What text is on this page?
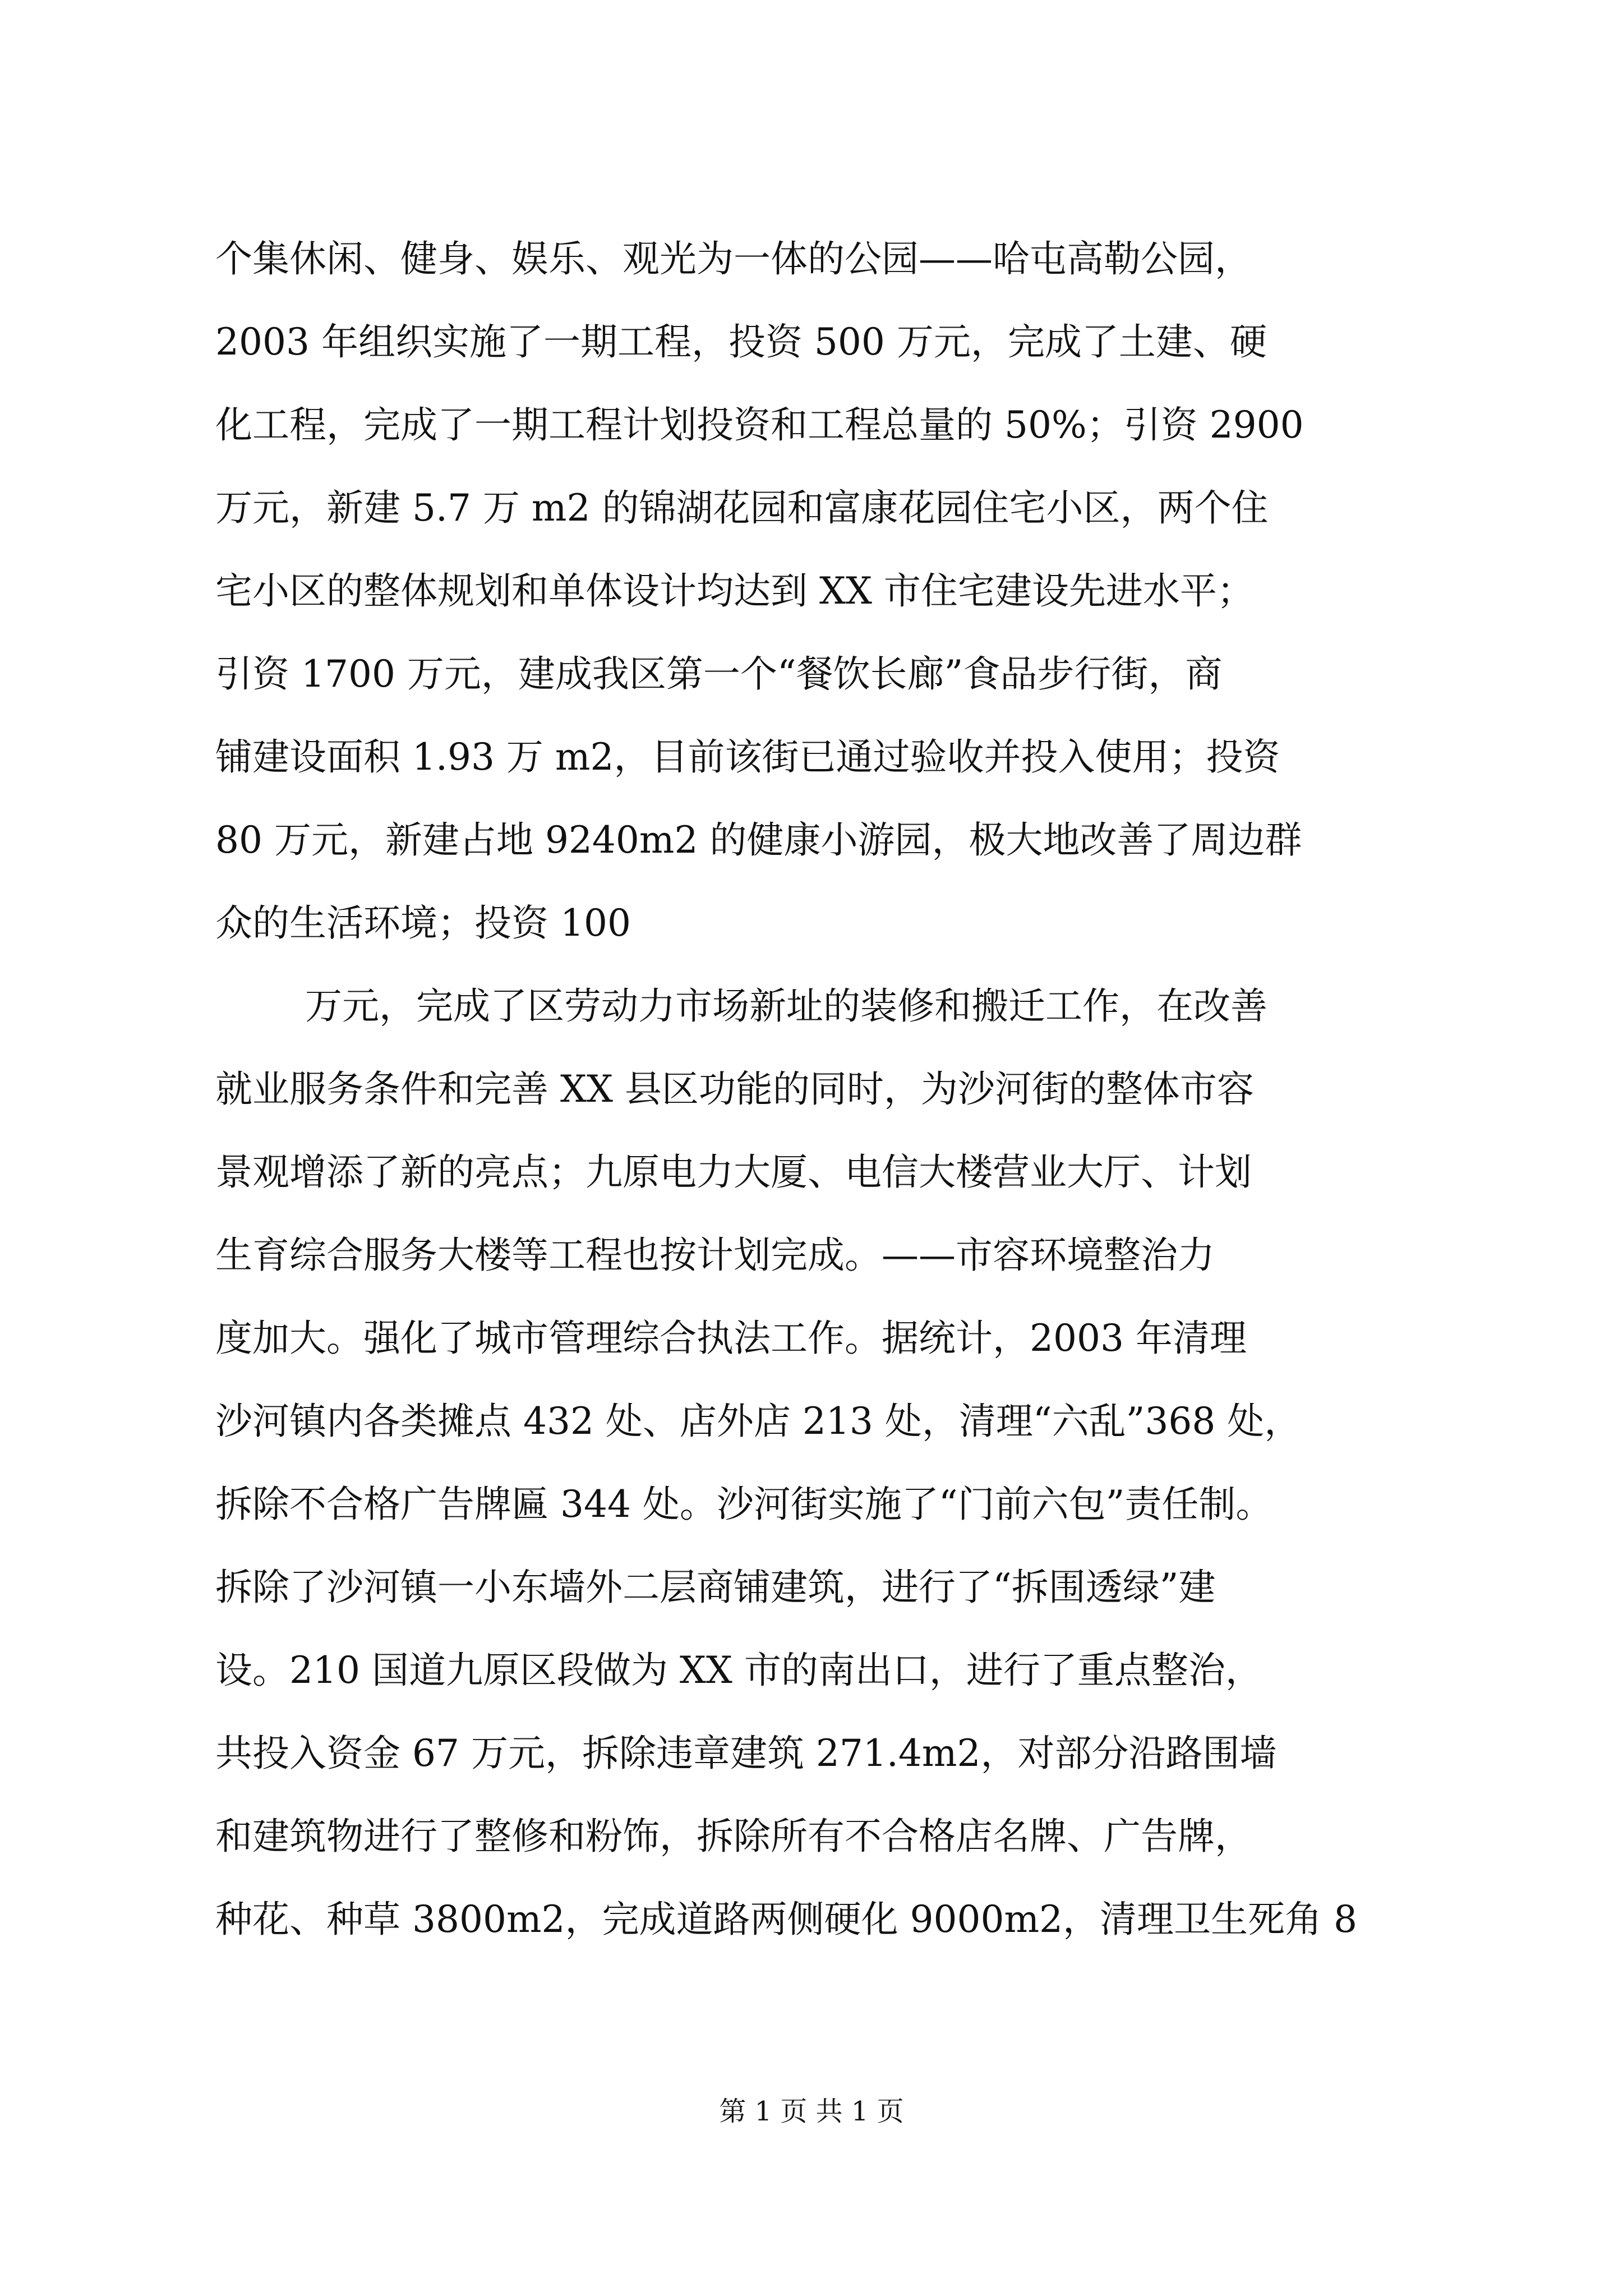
个集休闲、健身、娱乐、观光为一体的公园——哈屯高勒公园，
2003 年组织实施了一期工程，投资 500 万元，完成了土建、硬
化工程，完成了一期工程计划投资和工程总量的 50%；引资 2900
万元，新建 5.7 万 m2 的锦湖花园和富康花园住宅小区，两个住
宅小区的整体规划和单体设计均达到 XX 市住宅建设先进水平；
引资 1700 万元，建成我区第一个“餐饮长廊”食品步行街，商
铺建设面积 1.93 万 m2，目前该街已通过验收并投入使用；投资
80 万元，新建占地 9240m2 的健康小游园，极大地改善了周边群
众的生活环境；投资 100
万元，完成了区劳动力市场新址的装修和搬迁工作，在改善
就业服务条件和完善 XX 县区功能的同时，为沙河街的整体市容
景观增添了新的亮点；九原电力大厦、电信大楼营业大厅、计划
生育综合服务大楼等工程也按计划完成。——市容环境整治力
度加大。强化了城市管理综合执法工作。据统计，2003 年清理
沙河镇内各类摊点 432 处、店外店 213 处，清理“六乱”368 处，
拆除不合格广告牌匾 344 处。沙河街实施了“门前六包”责任制。
拆除了沙河镇一小东墙外二层商铺建筑，进行了“拆围透绿”建
设。210 国道九原区段做为 XX 市的南出口，进行了重点整治，
共投入资金 67 万元，拆除违章建筑 271.4m2，对部分沿路围墙
和建筑物进行了整修和粉饰，拆除所有不合格店名牌、广告牌，
种花、种草 3800m2，完成道路两侧硬化 9000m2，清理卫生死角 8
第 1 页 共 1 页
